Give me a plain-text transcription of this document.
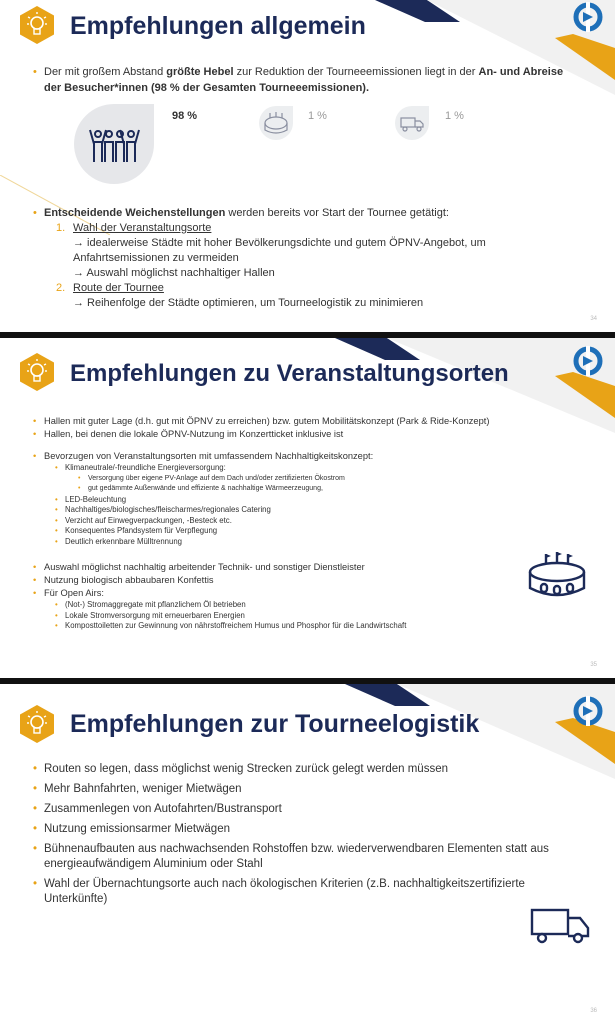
Empfehlungen allgemein
• Der mit großem Abstand größte Hebel zur Reduktion der Tourneeemissionen liegt in der An- und Abreise der Besucher*innen (98 % der Gesamten Tourneeemissionen).
98 %	1 %	1 %
• Entscheidende Weichenstellungen werden bereits vor Start der Tournee getätigt:
1. Wahl der Veranstaltungsorte
→ idealerweise Städte mit hoher Bevölkerungsdichte und gutem ÖPNV-Angebot, um Anfahrtsemissionen zu vermeiden
→ Auswahl möglichst nachhaltiger Hallen
2. Route der Tournee
→ Reihenfolge der Städte optimieren, um Tourneelogistik zu minimieren
34
Empfehlungen zu Veranstaltungsorten
• Hallen mit guter Lage (d.h. gut mit ÖPNV zu erreichen) bzw. gutem Mobilitätskonzept (Park & Ride-Konzept)
• Hallen, bei denen die lokale ÖPNV-Nutzung im Konzertticket inklusive ist
• Bevorzugen von Veranstaltungsorten mit umfassendem Nachhaltigkeitskonzept:
• Klimaneutrale/-freundliche Energieversorgung:
• Versorgung über eigene PV-Anlage auf dem Dach und/oder zertifizierten Ökostrom
• gut gedämmte Außenwände und effiziente & nachhaltige Wärmeerzeugung,
• LED-Beleuchtung
• Nachhaltiges/biologisches/fleischarmes/regionales Catering
• Verzicht auf Einwegverpackungen, -Besteck etc.
• Konsequentes Pfandsystem für Verpflegung
• Deutlich erkennbare Mülltrennung
• Auswahl möglichst nachhaltig arbeitender Technik- und sonstiger Dienstleister
• Nutzung biologisch abbaubaren Konfettis
• Für Open Airs:
• (Not-) Stromaggregate mit pflanzlichem Öl betrieben
• Lokale Stromversorgung mit erneuerbaren Energien
• Komposttoiletten zur Gewinnung von nährstoffreichem Humus und Phosphor für die Landwirtschaft
35
Empfehlungen zur Tourneelogistik
• Routen so legen, dass möglichst wenig Strecken zurück gelegt werden müssen
• Mehr Bahnfahrten, weniger Mietwägen
• Zusammenlegen von Autofahrten/Bustransport
• Nutzung emissionsarmer Mietwägen
• Bühnenaufbauten aus nachwachsenden Rohstoffen bzw. wiederverwendbaren Elementen statt aus energieaufwändigem Aluminium oder Stahl
• Wahl der Übernachtungsorte auch nach ökologischen Kriterien (z.B. nachhaltigkeitszertifizierte Unterkünfte)
36
